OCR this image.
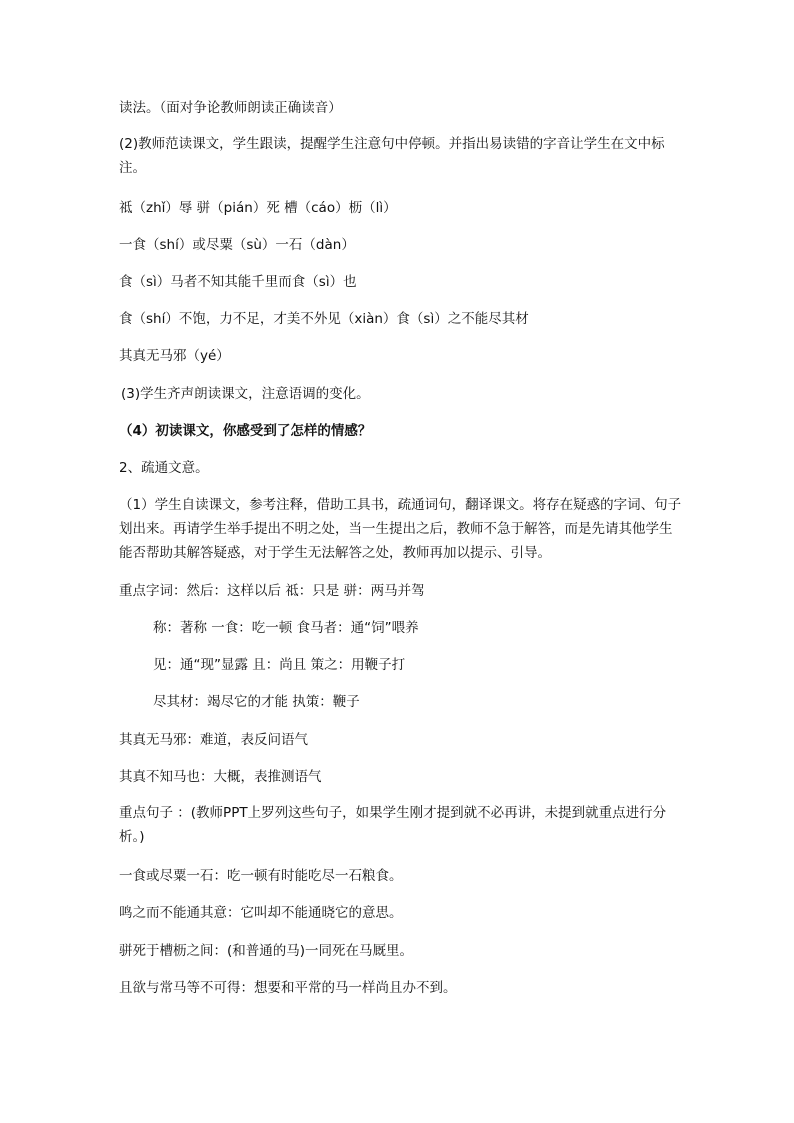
读法。（面对争论教师朗读正确读音）
(2)教师范读课文，学生跟读，提醒学生注意句中停顿。并指出易读错的字音让学生在文中标注。
祗（zhǐ）辱 骈（pián）死 槽（cáo）枥（lì）
一食（shí）或尽粟（sù）一石（dàn）
食（sì）马者不知其能千里而食（sì）也
食（shí）不饱，力不足，才美不外见（xiàn）食（sì）之不能尽其材
其真无马邪（yé）
(3)学生齐声朗读课文，注意语调的变化。
（4）初读课文，你感受到了怎样的情感？
2、疏通文意。
（1）学生自读课文，参考注释，借助工具书，疏通词句，翻译课文。将存在疑惑的字词、句子划出来。再请学生举手提出不明之处，当一生提出之后，教师不急于解答，而是先请其他学生能否帮助其解答疑惑，对于学生无法解答之处，教师再加以提示、引导。
重点字词：然后：这样以后 祗：只是 骈：两马并驾
称：著称 一食：吃一顿 食马者：通“饲”喂养
见：通“现”显露 且：尚且 策之：用鞭子打
尽其材：竭尽它的才能 执策：鞭子
其真无马邪：难道，表反问语气
其真不知马也：大概，表推测语气
重点句子 ：(教师PPT上罗列这些句子，如果学生刚才提到就不必再讲，未提到就重点进行分析。)
一食或尽粟一石：吃一顿有时能吃尽一石粮食。
鸣之而不能通其意：它叫却不能通晓它的意思。
骈死于槽枥之间：(和普通的马)一同死在马厩里。
且欲与常马等不可得：想要和平常的马一样尚且办不到。
